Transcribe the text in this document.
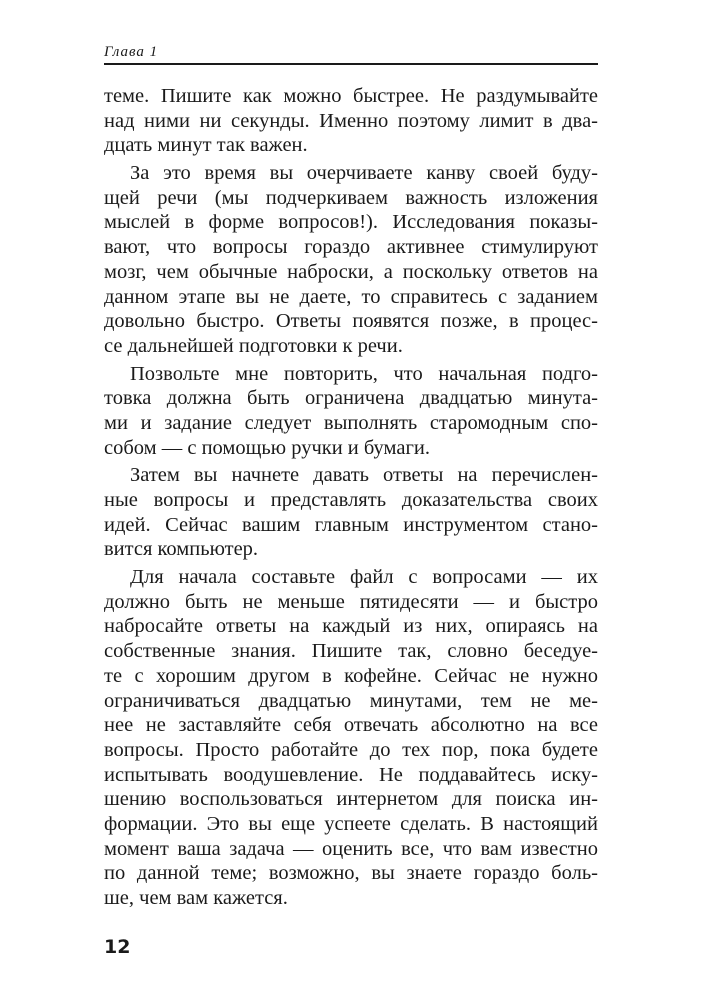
Глава 1
теме. Пишите как можно быстрее. Не раздумывайте
над ними ни секунды. Именно поэтому лимит в два-
дцать минут так важен.
За это время вы очерчиваете канву своей буду-
щей речи (мы подчеркиваем важность изложения
мыслей в форме вопросов!). Исследования показы-
вают, что вопросы гораздо активнее стимулируют
мозг, чем обычные наброски, а поскольку ответов на
данном этапе вы не даете, то справитесь с заданием
довольно быстро. Ответы появятся позже, в процес-
се дальнейшей подготовки к речи.
Позвольте мне повторить, что начальная подго-
товка должна быть ограничена двадцатью минута-
ми и задание следует выполнять старомодным спо-
собом — с помощью ручки и бумаги.
Затем вы начнете давать ответы на перечислен-
ные вопросы и представлять доказательства своих
идей. Сейчас вашим главным инструментом стано-
вится компьютер.
Для начала составьте файл с вопросами — их
должно быть не меньше пятидесяти — и быстро
набросайте ответы на каждый из них, опираясь на
собственные знания. Пишите так, словно беседуе-
те с хорошим другом в кофейне. Сейчас не нужно
ограничиваться двадцатью минутами, тем не ме-
нее не заставляйте себя отвечать абсолютно на все
вопросы. Просто работайте до тех пор, пока будете
испытывать воодушевление. Не поддавайтесь иску-
шению воспользоваться интернетом для поиска ин-
формации. Это вы еще успеете сделать. В настоящий
момент ваша задача — оценить все, что вам известно
по данной теме; возможно, вы знаете гораздо боль-
ше, чем вам кажется.
12
